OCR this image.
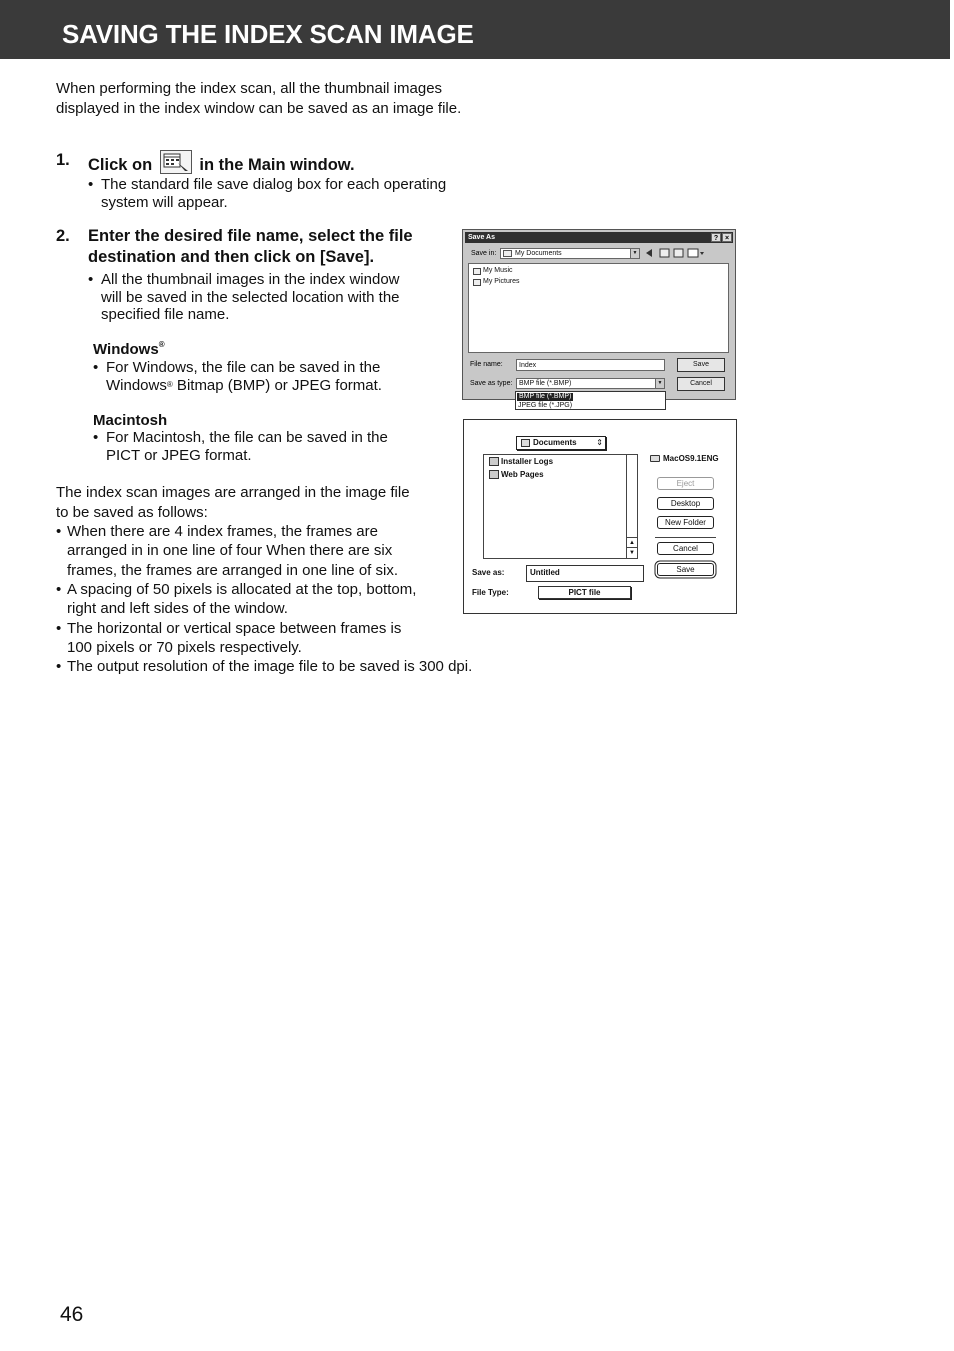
SAVING THE INDEX SCAN IMAGE
When performing the index scan, all the thumbnail images
displayed in the index window can be saved as an image file.
1. Click on	in the Main window.
• The standard file save dialog box for each operating
system will appear.
2. Enter the desired file name, select the file
destination and then click on [Save].
• All the thumbnail images in the index window
will be saved in the selected location with the
specified file name.
Windows®
• For Windows, the file can be saved in the
Windows® Bitmap (BMP) or JPEG format.
Macintosh
• For Macintosh, the file can be saved in the
PICT or JPEG format.
The index scan images are arranged in the image file
to be saved as follows:
• When there are 4 index frames, the frames are
arranged in in one line of four When there are six
frames, the frames are arranged in one line of six.
• A spacing of 50 pixels is allocated at the top, bottom,
right and left sides of the window.
• The horizontal or vertical space between frames is
100 pixels or 70 pixels respectively.
• The output resolution of the image file to be saved is 300 dpi.
Save As	? ×
Save in:	My Documents	▼
My Music
My Pictures
File name:	Index
Save as type: BMP file (*.BMP)	▼
BMP file (*.BMP)
JPEG file (*.JPG)
Save
Cancel
Documents ⇕
Installer Logs
Web Pages
▲
▼
MacOS9.1ENG
Eject
Desktop
New Folder
Cancel
Save
Save as:	Untitled
File Type:	PICT file
46
